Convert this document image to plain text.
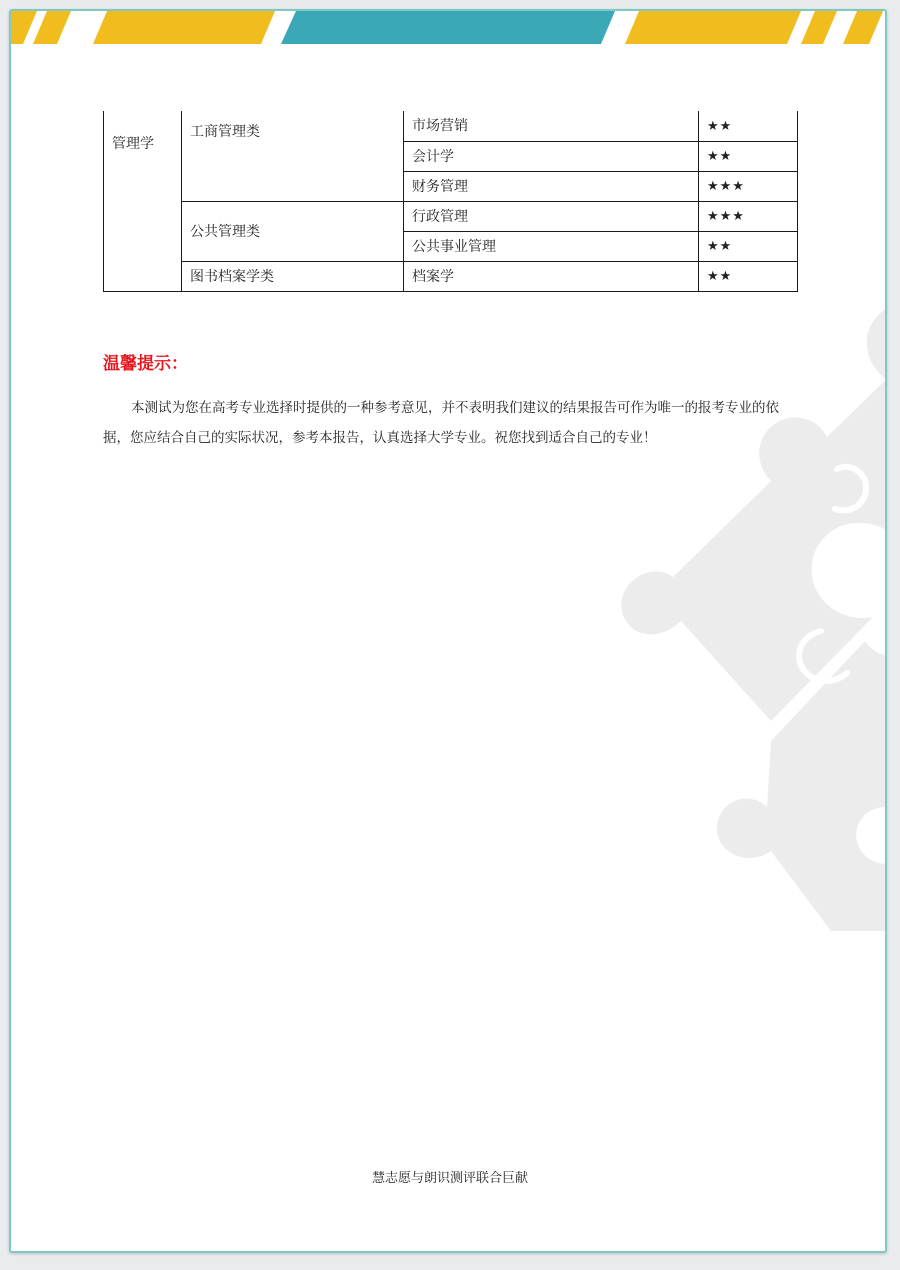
管理学	工商管理类	市场营销	★★
		会计学	★★
		财务管理	★★★
	公共管理类	行政管理	★★★
		公共事业管理	★★
	图书档案学类	档案学	★★
温馨提示：
本测试为您在高考专业选择时提供的一种参考意见，并不表明我们建议的结果报告可作为唯一的报考专业的依据，您应结合自己的实际状况，参考本报告，认真选择大学专业。祝您找到适合自己的专业！
慧志愿与朗识测评联合巨献
